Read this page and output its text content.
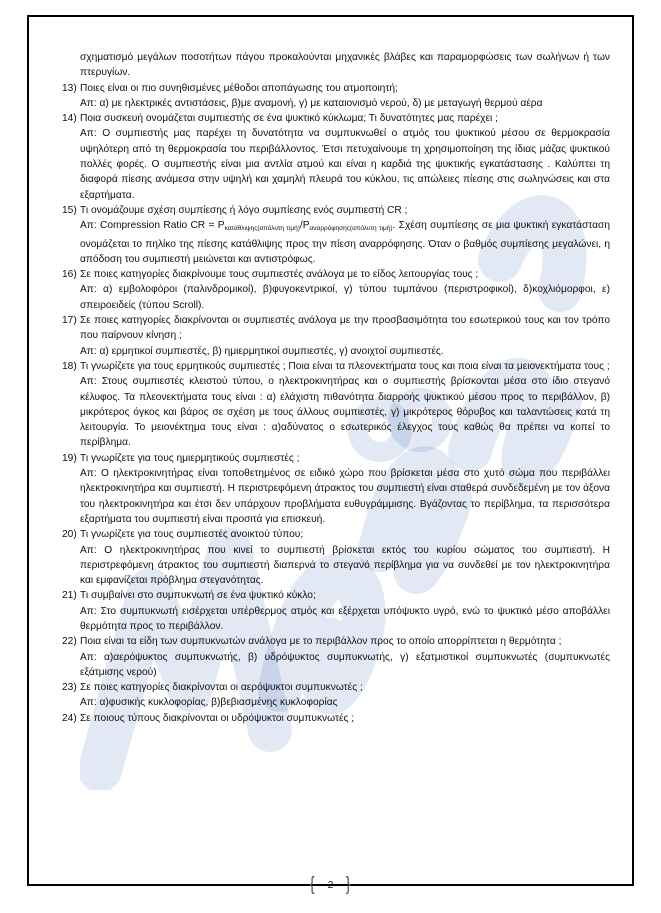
σχηματισμό μεγάλων ποσοτήτων πάγου προκαλούνται μηχανικές βλάβες και παραμορφώσεις των σωλήνων ή των πτερυγίων.
13) Ποιες είναι οι πιο συνηθισμένες μέθοδοι αποπάγωσης του ατμοποιητή;
Απ: α) με ηλεκτρικές αντιστάσεις, β)με αναμονή, γ) με καταιονισμό νερού, δ) με μεταγωγή θερμού αέρα
14) Ποια συσκευή ονομάζεται συμπιεστής σε ένα ψυκτικό κύκλωμα; Τι δυνατότητες μας παρέχει ;
Απ: Ο συμπιεστής μας παρέχει τη δυνατότητα να συμπυκνωθεί ο ατμός του ψυκτικού μέσου σε θερμοκρασία υψηλότερη από τη θερμοκρασία του περιβάλλοντος. Έτσι πετυχαίνουμε τη χρησιμοποίηση της ίδιας μάζας ψυκτικού πολλές φορές. Ο συμπιεστής είναι μια αντλία ατμού και είναι η καρδιά της ψυκτικής εγκατάστασης . Καλύπτει τη διαφορά πίεσης ανάμεσα στην υψηλή και χαμηλή πλευρά του κύκλου, τις απώλειες πίεσης στις σωληνώσεις και στα εξαρτήματα.
15) Τι ονομάζουμε σχέση συμπίεσης ή λόγο συμπίεσης ενός συμπιεστή CR ;
Απ: Compression Ratio CR = $P_{\kappa\alpha\tau ά\theta\lambda\iota\psi\eta\varsigma(\alpha\pi ό\lambda\upsilon\tau\eta \tau\iota\mu ή)}/P_{\alpha\nu\alpha\rho\rho ό\varphi\eta\sigma\eta\varsigma(\alpha\pi ό\lambda\upsilon\tau\eta \tau\iota\mu ή)}$. Σχέση συμπίεσης σε μια ψυκτική εγκατάσταση ονομάζεται το πηλίκο της πίεσης κατάθλιψης προς την πίεση αναρρόφησης. Όταν ο βαθμός συμπίεσης μεγαλώνει, η απόδοση του συμπιεστή μειώνεται και αντιστρόφως.
16) Σε ποιες κατηγορίες διακρίνουμε τους συμπιεστές ανάλογα με το είδος λειτουργίας τους ;
Απ: α) εμβολοφόροι (παλινδρομικοί), β)φυγοκεντρικοί, γ) τύπου τυμπάνου (περιστροφικοί), δ)κοχλιόμορφοι, ε) σπειροειδείς (τύπου Scroll).
17) Σε ποιες κατηγορίες διακρίνονται οι συμπιεστές ανάλογα με την προσβασιμότητα του εσωτερικού τους και τον τρόπο που παίρνουν κίνηση ;
Απ: α) ερμητικοί συμπιεστές, β) ημιερμητικοί συμπιεστές, γ) ανοιχτοί συμπιεστές.
18) Τι γνωρίζετε για τους ερμητικούς συμπιεστές ; Ποια είναι τα πλεονεκτήματα τους και ποια είναι τα μειονεκτήματα τους ;
Απ: Στους συμπιεστές κλειστού τύπου, ο ηλεκτροκινητήρας και ο συμπιεστής βρίσκονται μέσα στο ίδιο στεγανό κέλυφος. Τα πλεονεκτήματα τους είναι : α) ελάχιστη πιθανότητα διαρροής ψυκτικού μέσου προς το περιβάλλον, β) μικρότερος όγκος και βάρος σε σχέση με τους άλλους συμπιεστές, γ) μικρότερος θόρυβος και ταλαντώσεις κατά τη λειτουργία. Το μειονέκτημα τους είναι : α)αδύνατος ο εσωτερικός έλεγχος τους καθώς θα πρέπει να κοπεί το περίβλημα.
19) Τι γνωρίζετε για τους ημιερμητικούς συμπιεστές ;
Απ: Ο ηλεκτροκινητήρας είναι τοποθετημένος σε ειδικό χώρο που βρίσκεται μέσα στο χυτό σώμα που περιβάλλει ηλεκτροκινητήρα και συμπιεστή. Η περιστρεφόμενη άτρακτος του συμπιεστή είναι σταθερά συνδεδεμένη με τον άξονα του ηλεκτροκινητήρα και έτσι δεν υπάρχουν προβλήματα ευθυγράμμισης. Βγάζοντας το περίβλημα, τα περισσότερα εξαρτήματα του συμπιεστή είναι προσιτά για επισκευή.
20) Τι γνωρίζετε για τους συμπιεστές ανοικτού τύπου;
Απ: Ο ηλεκτροκινητήρας που κινεί το συμπιεστή βρίσκεται εκτός του κυρίου σώματος του συμπιεστή. Η περιστρεφόμενη άτρακτος του συμπιεστή διαπερνά το στεγανό περίβλημα για να συνδεθεί με τον ηλεκτροκινητήρα και εμφανίζεται πρόβλημα στεγανότητας.
21) Τι συμβαίνει στο συμπυκνωτή σε ένα ψυκτικό κύκλο;
Απ: Στο συμπυκνωτή εισέρχεται υπέρθερμος ατμός και εξέρχεται υπόψυκτο υγρό, ενώ το ψυκτικό μέσο αποβάλλει θερμότητα προς το περιβάλλον.
22) Ποια είναι τα είδη των συμπυκνωτών ανάλογα με το περιβάλλον προς το οποίο απορρίπτεται η θερμότητα ;
Απ: α)αερόψυκτος συμπυκνωτής, β) υδρόψυκτος συμπυκνωτής, γ) εξατμιστικοί συμπυκνωτές (συμπυκνωτές εξάτμισης νερού)
23) Σε ποιες κατηγορίες διακρίνονται οι αερόψυκτοι συμπυκνωτές ;
Απ: α)φυσικής κυκλοφορίας, β)βεβιασμένης κυκλοφορίας
24) Σε ποιους τύπους διακρίνονται οι υδρόψυκτοι συμπυκνωτές ;
{ 2 }
